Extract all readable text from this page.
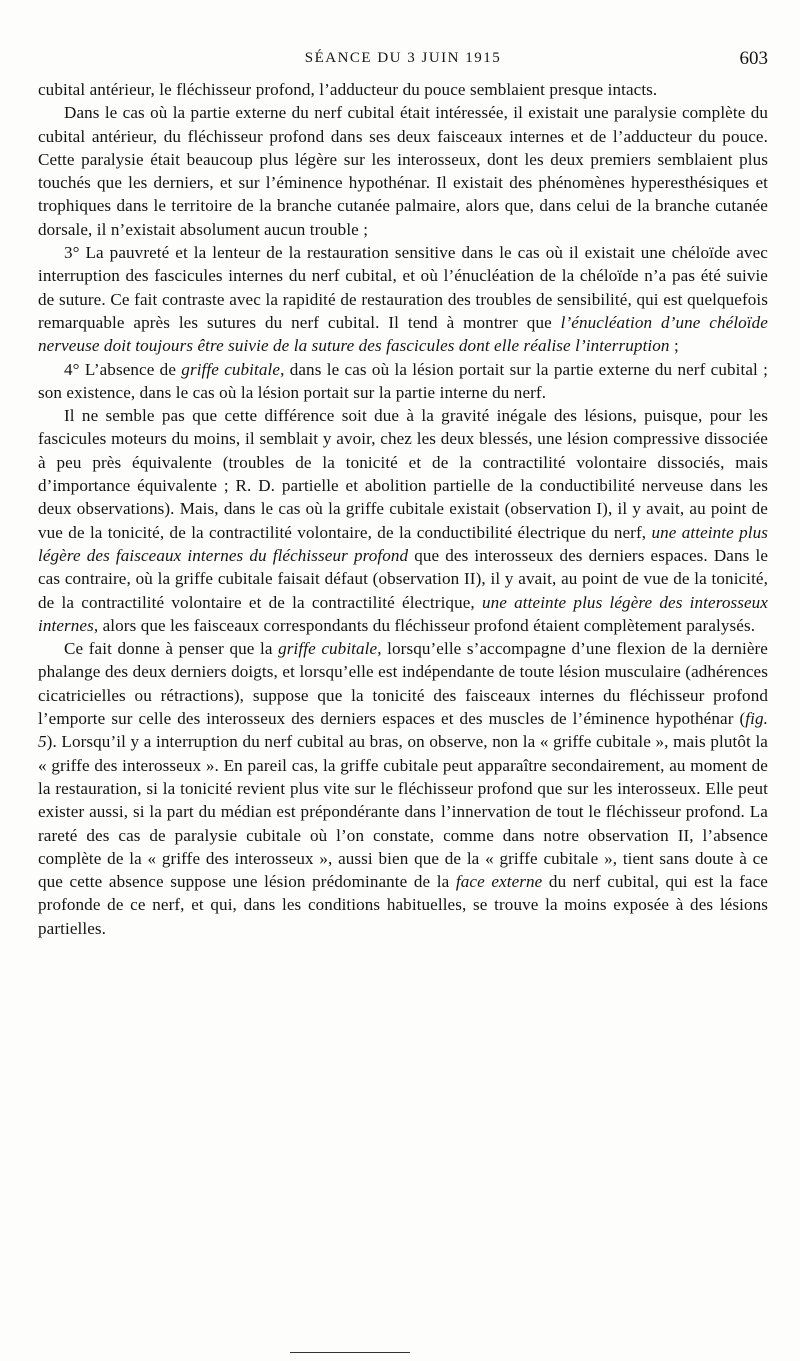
SÉANCE DU 3 JUIN 1915	603

cubital antérieur, le fléchisseur profond, l’adducteur du pouce semblaient presque intacts.

Dans le cas où la partie externe du nerf cubital était intéressée, il existait une paralysie complète du cubital antérieur, du fléchisseur profond dans ses deux faisceaux internes et de l’adducteur du pouce. Cette paralysie était beaucoup plus légère sur les interosseux, dont les deux premiers semblaient plus touchés que les derniers, et sur l’éminence hypothénar. Il existait des phénomènes hyperesthésiques et trophiques dans le territoire de la branche cutanée palmaire, alors que, dans celui de la branche cutanée dorsale, il n’existait absolument aucun trouble ;

3° La pauvreté et la lenteur de la restauration sensitive dans le cas où il existait une chéloïde avec interruption des fascicules internes du nerf cubital, et où l’énucléation de la chéloïde n’a pas été suivie de suture. Ce fait contraste avec la rapidité de restauration des troubles de sensibilité, qui est quelquefois remarquable après les sutures du nerf cubital. Il tend à montrer que l’énucléation d’une chéloïde nerveuse doit toujours être suivie de la suture des fascicules dont elle réalise l’interruption ;

4° L’absence de griffe cubitale, dans le cas où la lésion portait sur la partie externe du nerf cubital ; son existence, dans le cas où la lésion portait sur la partie interne du nerf.

Il ne semble pas que cette différence soit due à la gravité inégale des lésions, puisque, pour les fascicules moteurs du moins, il semblait y avoir, chez les deux blessés, une lésion compressive dissociée à peu près équivalente (troubles de la tonicité et de la contractilité volontaire dissociés, mais d’importance équivalente ; R. D. partielle et abolition partielle de la conductibilité nerveuse dans les deux observations). Mais, dans le cas où la griffe cubitale existait (observation I), il y avait, au point de vue de la tonicité, de la contractilité volontaire, de la conductibilité électrique du nerf, une atteinte plus légère des faisceaux internes du fléchisseur profond que des interosseux des derniers espaces. Dans le cas contraire, où la griffe cubitale faisait défaut (observation II), il y avait, au point de vue de la tonicité, de la contractilité volontaire et de la contractilité électrique, une atteinte plus légère des interosseux internes, alors que les faisceaux correspondants du fléchisseur profond étaient complètement paralysés.

Ce fait donne à penser que la griffe cubitale, lorsqu’elle s’accompagne d’une flexion de la dernière phalange des deux derniers doigts, et lorsqu’elle est indépendante de toute lésion musculaire (adhérences cicatricielles ou rétractions), suppose que la tonicité des faisceaux internes du fléchisseur profond l’emporte sur celle des interosseux des derniers espaces et des muscles de l’éminence hypothénar (fig. 5). Lorsqu’il y a interruption du nerf cubital au bras, on observe, non la « griffe cubitale », mais plutôt la « griffe des interosseux ». En pareil cas, la griffe cubitale peut apparaître secondairement, au moment de la restauration, si la tonicité revient plus vite sur le fléchisseur profond que sur les interosseux. Elle peut exister aussi, si la part du médian est prépondérante dans l’innervation de tout le fléchisseur profond. La rareté des cas de paralysie cubitale où l’on constate, comme dans notre observation II, l’absence complète de la « griffe des interosseux », aussi bien que de la « griffe cubitale », tient sans doute à ce que cette absence suppose une lésion prédominante de la face externe du nerf cubital, qui est la face profonde de ce nerf, et qui, dans les conditions habituelles, se trouve la moins exposée à des lésions partielles.
